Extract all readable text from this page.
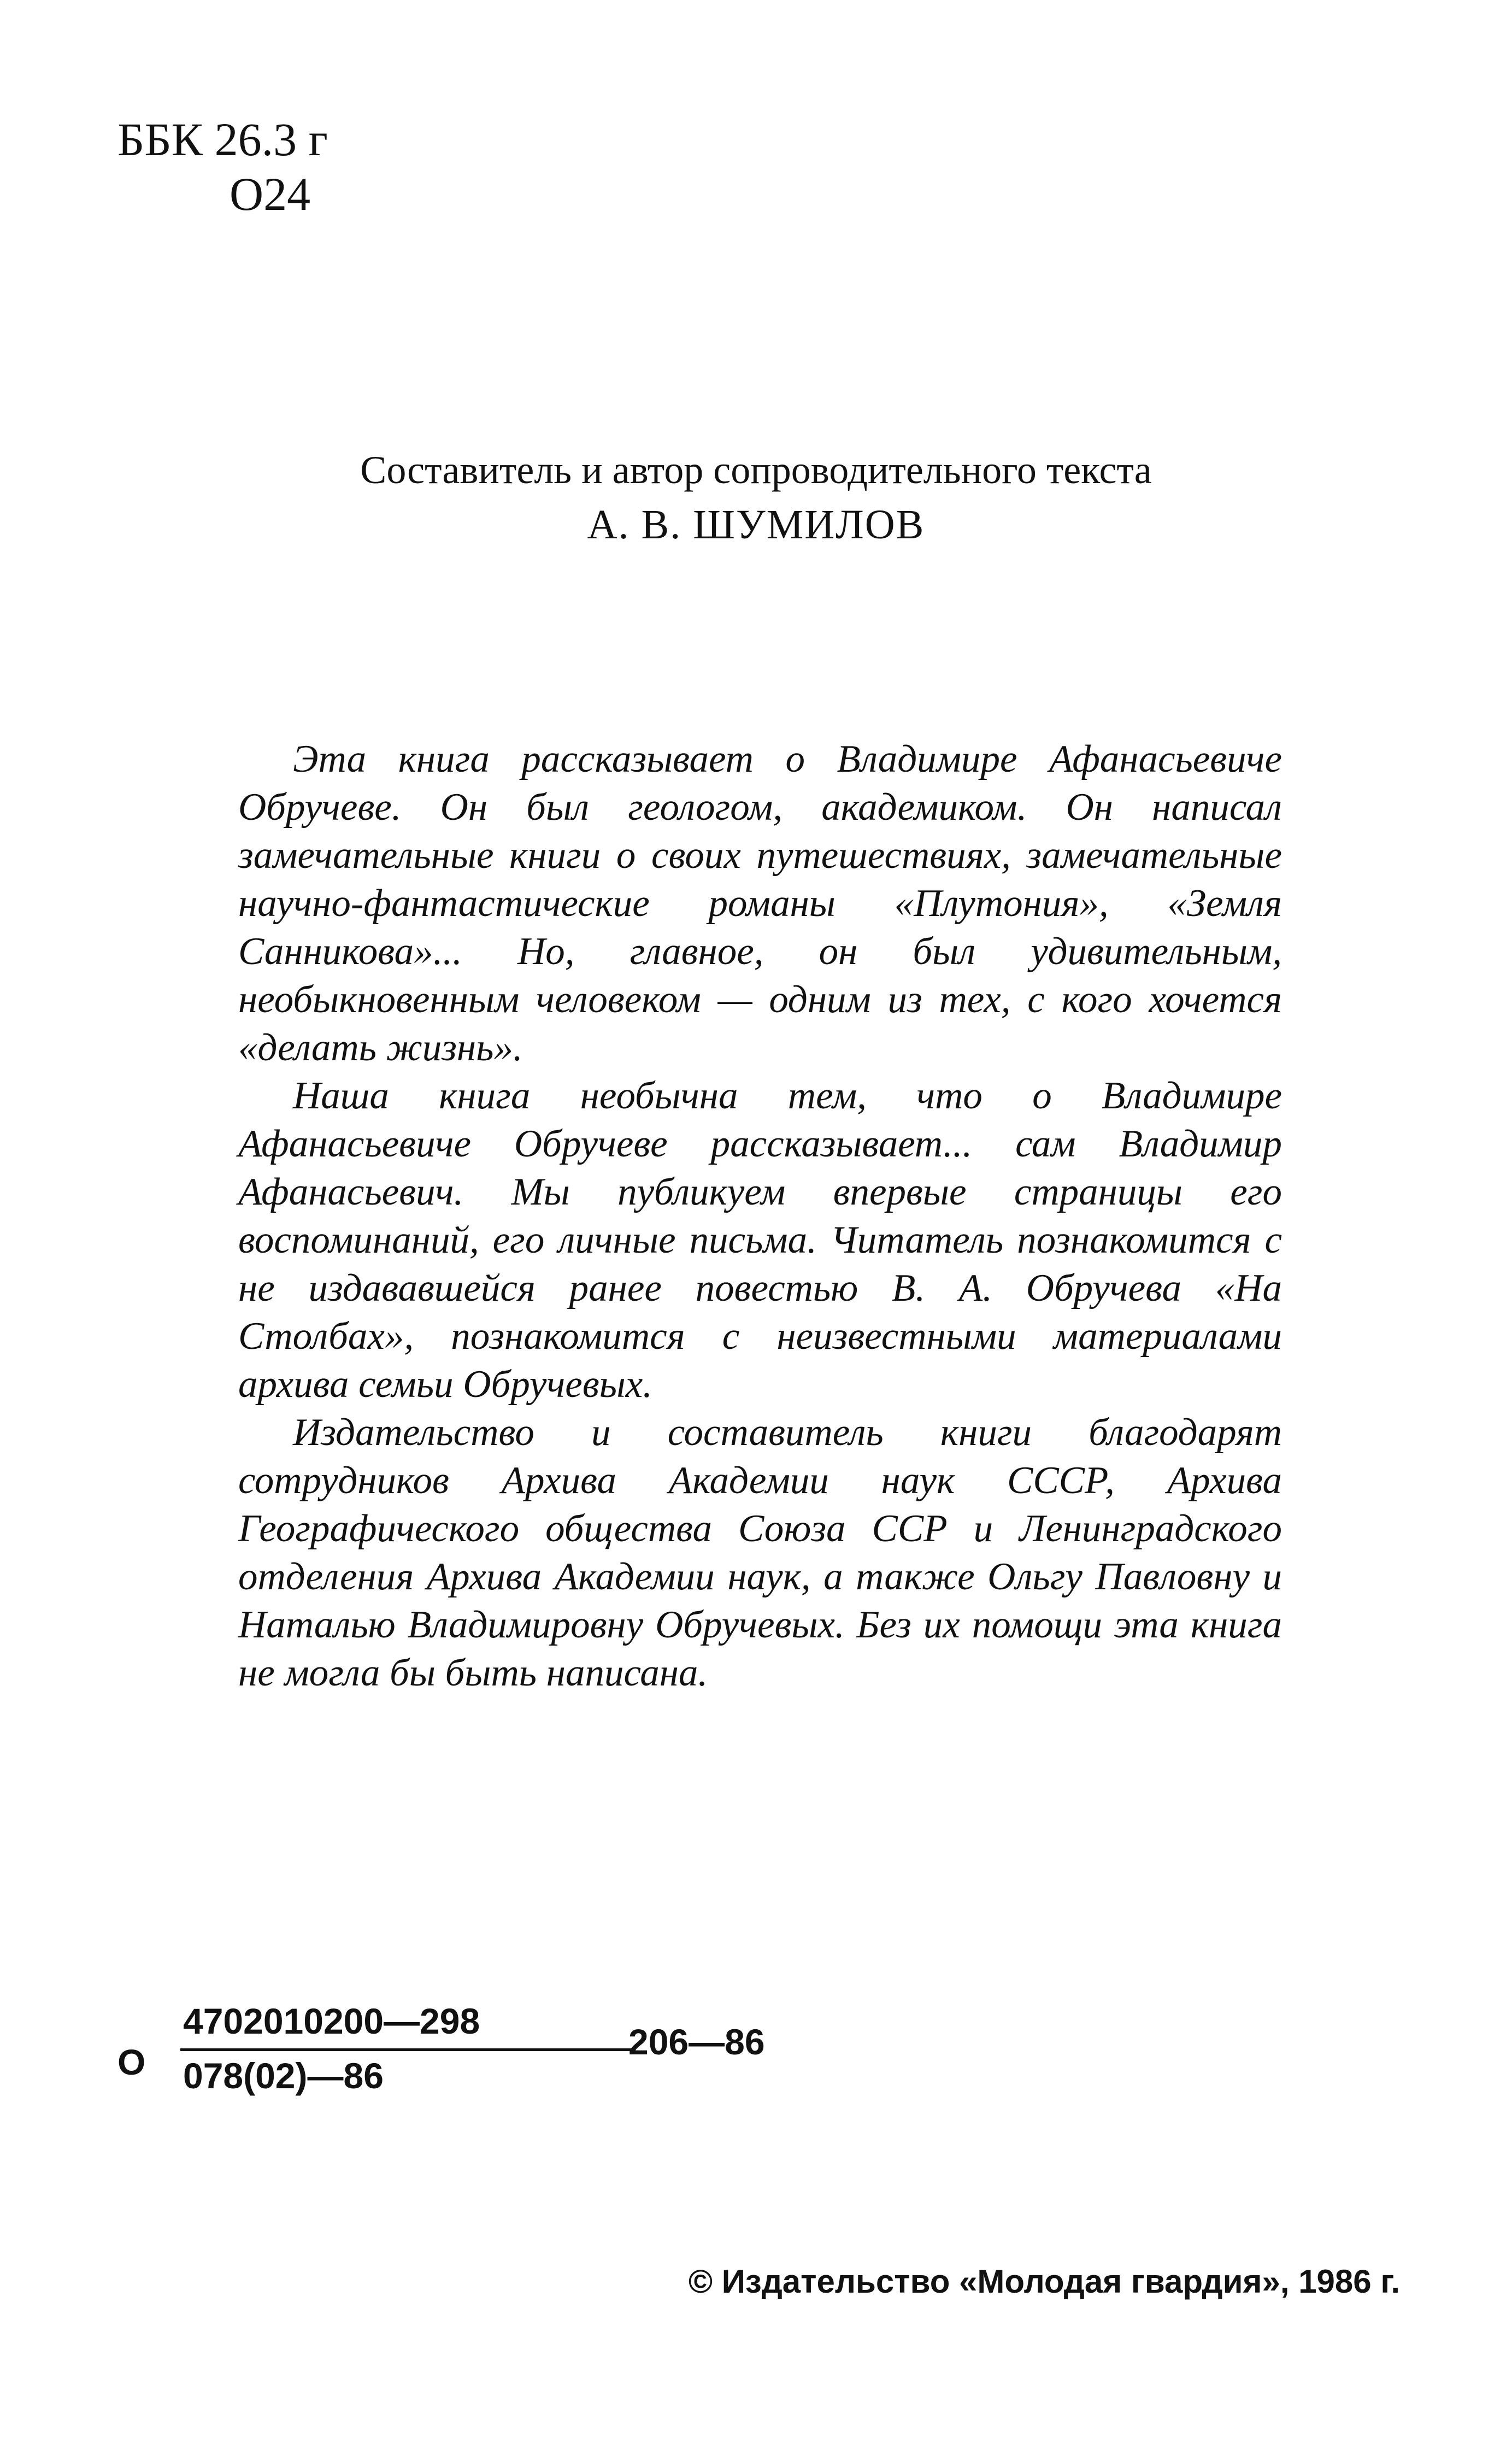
ББК 26.3 г
О24
Составитель и автор сопроводительного текста
А. В. ШУМИЛОВ

Эта книга рассказывает о Владимире Афанасьевиче Обручеве. Он был геологом, академиком. Он написал замечательные книги о своих путешествиях, замечательные научно-фантастические романы «Плутония», «Земля Санникова»... Но, главное, он был удивительным, необыкновенным человеком — одним из тех, с кого хочется «делать жизнь».

Наша книга необычна тем, что о Владимире Афанасьевиче Обручеве рассказывает... сам Владимир Афанасьевич. Мы публикуем впервые страницы его воспоминаний, его личные письма. Читатель познакомится с не издававшейся ранее повестью В. А. Обручева «На Столбах», познакомится с неизвестными материалами архива семьи Обручевых.

Издательство и составитель книги благодарят сотрудников Архива Академии наук СССР, Архива Географического общества Союза ССР и Ленинградского отделения Архива Академии наук, а также Ольгу Павловну и Наталью Владимировну Обручевых. Без их помощи эта книга не могла бы быть написана.

О
4702010200—298
078(02)—86
206—86
© Издательство «Молодая гвардия», 1986 г.
